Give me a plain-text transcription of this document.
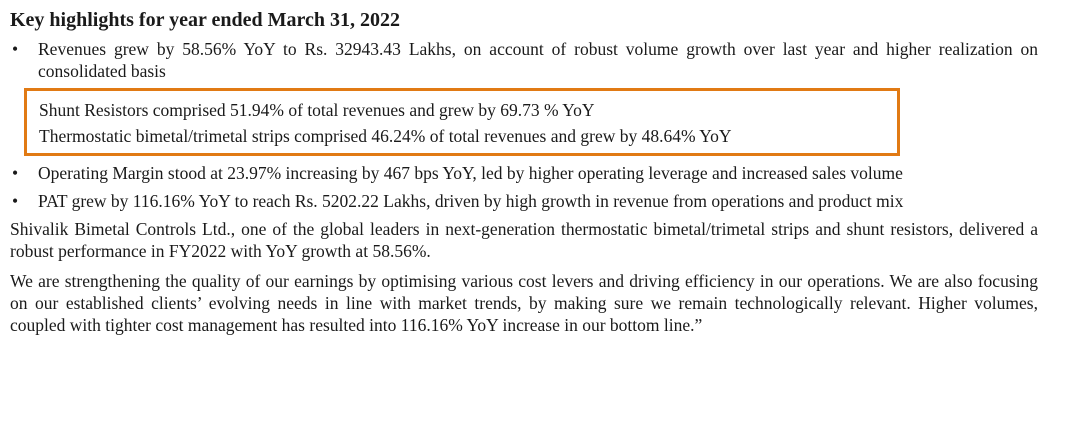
Key highlights for year ended March 31, 2022
• Revenues grew by 58.56% YoY to Rs. 32943.43 Lakhs, on account of robust volume growth over last year and higher realization on consolidated basis
Shunt Resistors comprised 51.94% of total revenues and grew by 69.73 % YoY
Thermostatic bimetal/trimetal strips comprised 46.24% of total revenues and grew by 48.64% YoY
• Operating Margin stood at 23.97% increasing by 467 bps YoY, led by higher operating leverage and increased sales volume
• PAT grew by 116.16% YoY to reach Rs. 5202.22 Lakhs, driven by high growth in revenue from operations and product mix
Shivalik Bimetal Controls Ltd., one of the global leaders in next-generation thermostatic bimetal/trimetal strips and shunt resistors, delivered a robust performance in FY2022 with YoY growth at 58.56%.
We are strengthening the quality of our earnings by optimising various cost levers and driving efficiency in our operations. We are also focusing on our established clients’ evolving needs in line with market trends, by making sure we remain technologically relevant. Higher volumes, coupled with tighter cost management has resulted into 116.16% YoY increase in our bottom line.”
